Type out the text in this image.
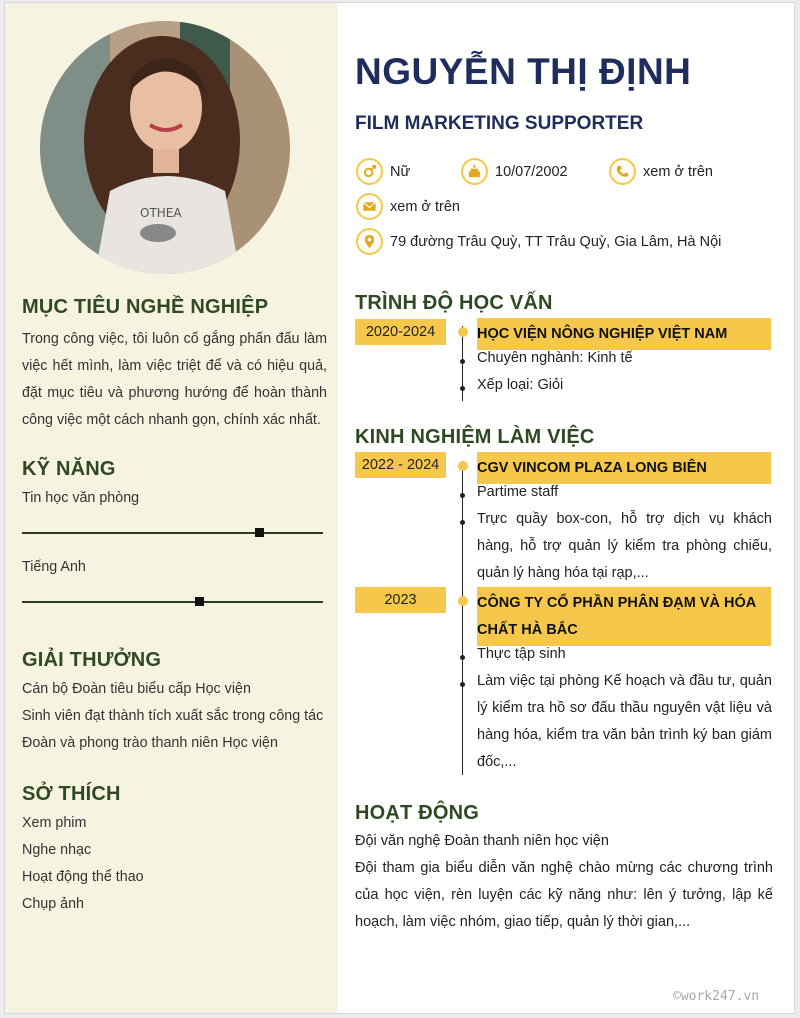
OTHEA
MỤC TIÊU NGHỀ NGHIỆP
Trong công việc, tôi luôn cố gắng phấn đấu làm việc hết mình, làm việc triệt để và có hiệu quả, đặt mục tiêu và phương hướng để hoàn thành công việc một cách nhanh gọn, chính xác nhất.
KỸ NĂNG
Tin học văn phòng
Tiếng Anh
GIẢI THƯỞNG
Cán bộ Đoàn tiêu biểu cấp Học viện
Sinh viên đạt thành tích xuất sắc trong công tác
Đoàn và phong trào thanh niên Học viện
SỞ THÍCH
Xem phim
Nghe nhạc
Hoạt động thể thao
Chụp ảnh
NGUYỄN THỊ ĐỊNH
FILM MARKETING SUPPORTER
Nữ	10/07/2002	xem ở trên
xem ở trên
79 đường Trâu Quỳ, TT Trâu Quỳ, Gia Lâm, Hà Nội
TRÌNH ĐỘ HỌC VẤN
2020-2024	HỌC VIỆN NÔNG NGHIỆP VIỆT NAM
Chuyên nghành: Kinh tế
Xếp loại: Giỏi
KINH NGHIỆM LÀM VIỆC
2022 - 2024	CGV VINCOM PLAZA LONG BIÊN
Partime staff
Trực quầy box-con, hỗ trợ dịch vụ khách hàng, hỗ trợ quản lý kiểm tra phòng chiếu, quản lý hàng hóa tại rạp,...
2023	CÔNG TY CỔ PHẦN PHÂN ĐẠM VÀ HÓA CHẤT HÀ BẮC
Thực tập sinh
Làm việc tại phòng Kế hoạch và đầu tư, quản lý kiểm tra hồ sơ đấu thầu nguyên vật liệu và hàng hóa, kiểm tra văn bản trình ký ban giám đốc,...
HOẠT ĐỘNG
Đội văn nghệ Đoàn thanh niên học viện
Đội tham gia biểu diễn văn nghệ chào mừng các chương trình của học viện, rèn luyện các kỹ năng như: lên ý tưởng, lập kế hoạch, làm việc nhóm, giao tiếp, quản lý thời gian,...
©work247.vn
